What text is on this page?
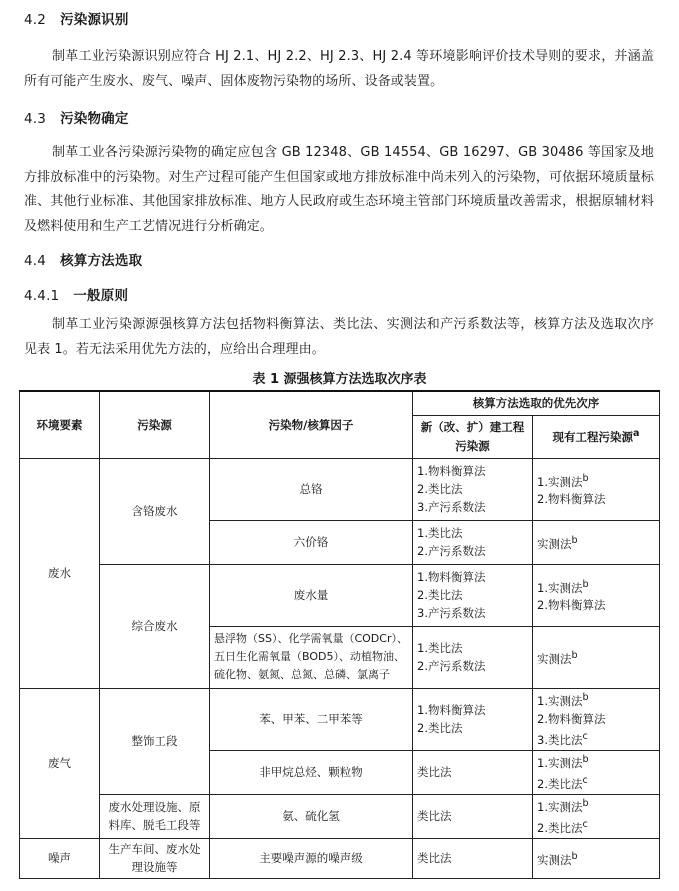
4.2 污染源识别
制革工业污染源识别应符合 HJ 2.1、HJ 2.2、HJ 2.3、HJ 2.4 等环境影响评价技术导则的要求，并涵盖所有可能产生废水、废气、噪声、固体废物污染物的场所、设备或装置。
4.3 污染物确定
制革工业各污染源污染物的确定应包含 GB 12348、GB 14554、GB 16297、GB 30486 等国家及地方排放标准中的污染物。对生产过程可能产生但国家或地方排放标准中尚未列入的污染物，可依据环境质量标准、其他行业标准、其他国家排放标准、地方人民政府或生态环境主管部门环境质量改善需求，根据原辅材料及燃料使用和生产工艺情况进行分析确定。
4.4 核算方法选取
4.4.1 一般原则
制革工业污染源源强核算方法包括物料衡算法、类比法、实测法和产污系数法等，核算方法及选取次序见表 1。若无法采用优先方法的，应给出合理理由。
表 1 源强核算方法选取次序表
环境要素	污染源	污染物/核算因子	核算方法选取的优先次序	
			新（改、扩）建工程污染源	现有工程污染源$^a$
废水	含铬废水	总铬	1.物料衡算法
2.类比法
3.产污系数法	1.实测法$^b$
2.物料衡算法

		六价铬	1.类比法
2.产污系数法	实测法$^b$
	综合废水	废水量	1.物料衡算法
2.类比法
3.产污系数法	1.实测法$^b$
2.物料衡算法

		悬浮物（SS）、化学需氧量（CODCr）、五日生化需氧量（BOD5）、动植物油、硫化物、氨氮、总氮、总磷、氯离子	1.类比法
2.产污系数法	实测法$^b$
废气	整饰工段	苯、甲苯、二甲苯等	1.物料衡算法
2.类比法	1.实测法$^b$
2.物料衡算法
3.类比法$^c$

		非甲烷总烃、颗粒物	类比法	1.实测法$^b$
2.类比法$^c$

	废水处理设施、原料库、脱毛工段等	氨、硫化氢	类比法	1.实测法$^b$
2.类比法$^c$

噪声	生产车间、废水处理设施等	主要噪声源的噪声级	类比法	实测法$^b$
